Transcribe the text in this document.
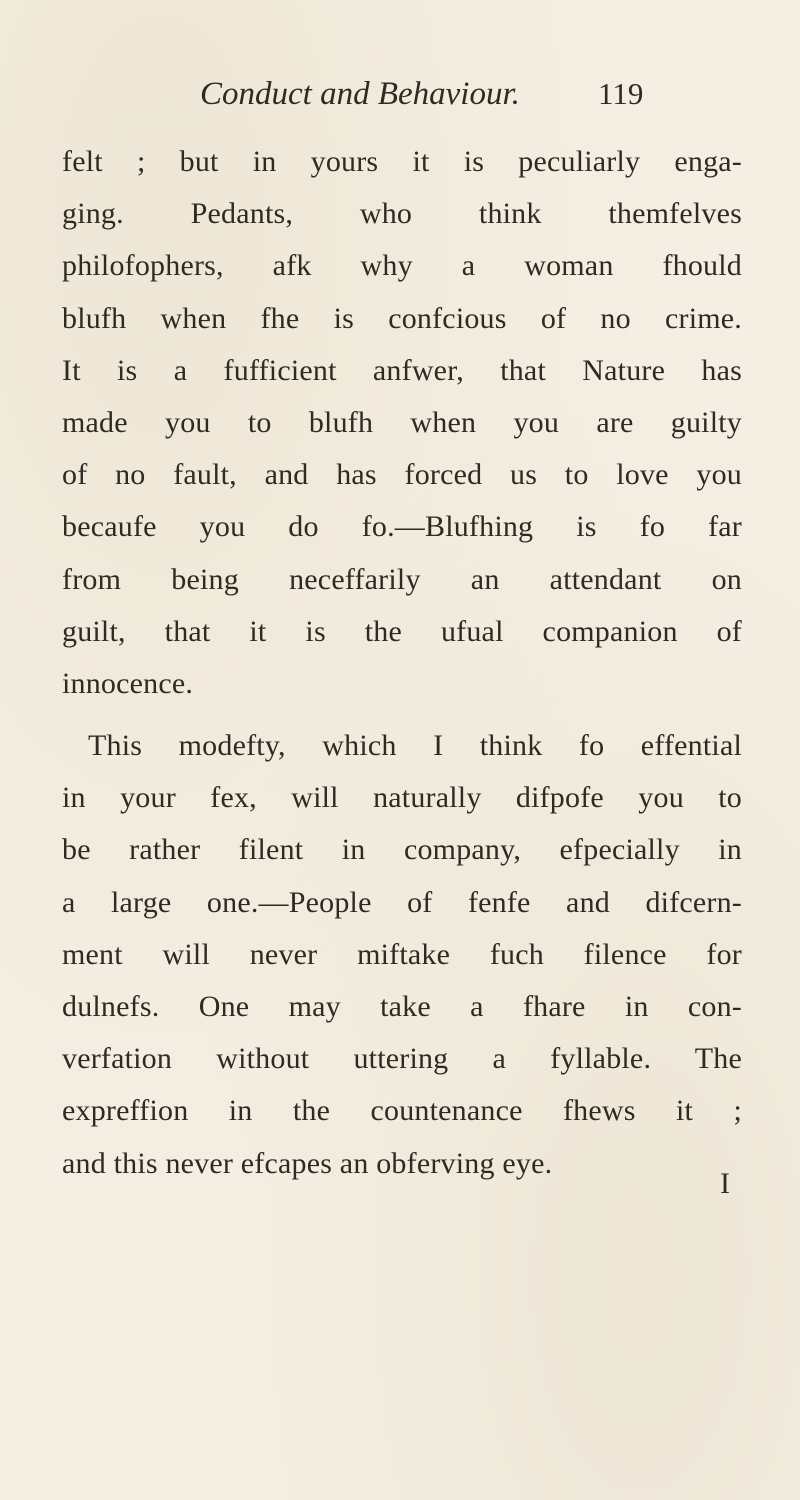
Conduct and Behaviour.	119
felt ; but in yours it is peculiarly enga-
ging. Pedants, who think themfelves
philofophers, afk why a woman fhould
blufh when fhe is confcious of no crime.
It is a fufficient anfwer, that Nature has
made you to blufh when you are guilty
of no fault, and has forced us to love you
becaufe you do fo.—Blufhing is fo far
from being neceffarily an attendant on
guilt, that it is the ufual companion of
innocence.
This modefty, which I think fo effential
in your fex, will naturally difpofe you to
be rather filent in company, efpecially in
a large one.—People of fenfe and difcern-
ment will never miftake fuch filence for
dulnefs. One may take a fhare in con-
verfation without uttering a fyllable. The
expreffion in the countenance fhews it ;
and this never efcapes an obferving eye.
I
